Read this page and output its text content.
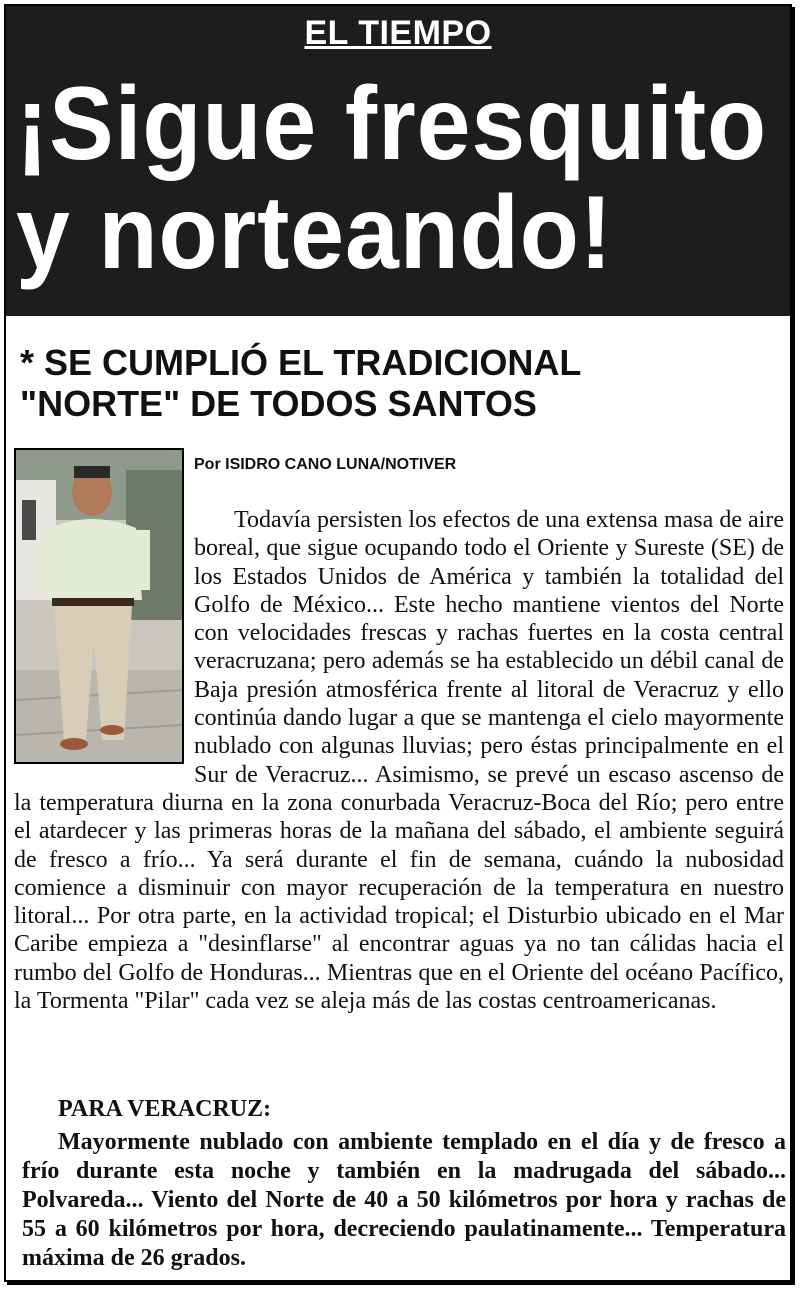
EL TIEMPO
¡Sigue fresquito
y norteando!
* SE CUMPLIÓ EL TRADICIONAL
"NORTE" DE TODOS SANTOS
Por ISIDRO CANO LUNA/NOTIVER

Todavía persisten los efectos de una extensa masa de aire boreal, que sigue ocupando todo el Oriente y Sureste (SE) de los Estados Unidos de América y también la totalidad del Golfo de México... Este hecho mantiene vientos del Norte con velocidades frescas y rachas fuertes en la costa central veracruzana; pero además se ha establecido un débil canal de Baja presión atmosférica frente al litoral de Veracruz y ello continúa dando lugar a que se mantenga el cielo mayormente nublado con algunas lluvias; pero éstas principalmente en el Sur de Veracruz... Asimismo, se prevé un escaso ascenso de la temperatura diurna en la zona conurbada Veracruz-Boca del Río; pero entre el atardecer y las primeras horas de la mañana del sábado, el ambiente seguirá de fresco a frío... Ya será durante el fin de semana, cuándo la nubosidad comience a disminuir con mayor recuperación de la temperatura en nuestro litoral... Por otra parte, en la actividad tropical; el Disturbio ubicado en el Mar Caribe empieza a "desinflarse" al encontrar aguas ya no tan cálidas hacia el rumbo del Golfo de Honduras... Mientras que en el Oriente del océano Pacífico, la Tormenta "Pilar" cada vez se aleja más de las costas centroamericanas.

PARA VERACRUZ:

Mayormente nublado con ambiente templado en el día y de fresco a frío durante esta noche y también en la madrugada del sábado... Polvareda... Viento del Norte de 40 a 50 kilómetros por hora y rachas de 55 a 60 kilómetros por hora, decreciendo paulatinamente... Temperatura máxima de 26 grados.
